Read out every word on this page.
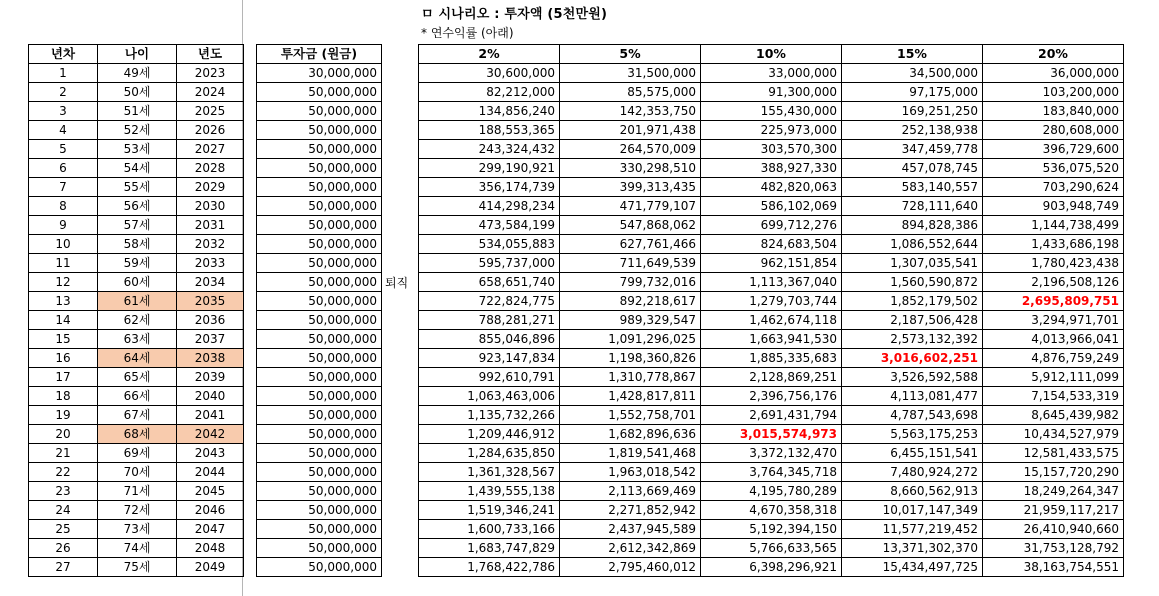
ㅁ 시나리오 : 투자액 (5천만원)
* 연수익률 (아래)
년차	나이	년도
1	49세	2023
2	50세	2024
3	51세	2025
4	52세	2026
5	53세	2027
6	54세	2028
7	55세	2029
8	56세	2030
9	57세	2031
10	58세	2032
11	59세	2033
12	60세	2034
13	61세	2035
14	62세	2036
15	63세	2037
16	64세	2038
17	65세	2039
18	66세	2040
19	67세	2041
20	68세	2042
21	69세	2043
22	70세	2044
23	71세	2045
24	72세	2046
25	73세	2047
26	74세	2048
27	75세	2049
투자금 (원금)
30,000,000
50,000,000
50,000,000
50,000,000
50,000,000
50,000,000
50,000,000
50,000,000
50,000,000
50,000,000
50,000,000
50,000,000
50,000,000
50,000,000
50,000,000
50,000,000
50,000,000
50,000,000
50,000,000
50,000,000
50,000,000
50,000,000
50,000,000
50,000,000
50,000,000
50,000,000
50,000,000
퇴직
2%	5%	10%	15%	20%
30,600,000	31,500,000	33,000,000	34,500,000	36,000,000
82,212,000	85,575,000	91,300,000	97,175,000	103,200,000
134,856,240	142,353,750	155,430,000	169,251,250	183,840,000
188,553,365	201,971,438	225,973,000	252,138,938	280,608,000
243,324,432	264,570,009	303,570,300	347,459,778	396,729,600
299,190,921	330,298,510	388,927,330	457,078,745	536,075,520
356,174,739	399,313,435	482,820,063	583,140,557	703,290,624
414,298,234	471,779,107	586,102,069	728,111,640	903,948,749
473,584,199	547,868,062	699,712,276	894,828,386	1,144,738,499
534,055,883	627,761,466	824,683,504	1,086,552,644	1,433,686,198
595,737,000	711,649,539	962,151,854	1,307,035,541	1,780,423,438
658,651,740	799,732,016	1,113,367,040	1,560,590,872	2,196,508,126
722,824,775	892,218,617	1,279,703,744	1,852,179,502	2,695,809,751
788,281,271	989,329,547	1,462,674,118	2,187,506,428	3,294,971,701
855,046,896	1,091,296,025	1,663,941,530	2,573,132,392	4,013,966,041
923,147,834	1,198,360,826	1,885,335,683	3,016,602,251	4,876,759,249
992,610,791	1,310,778,867	2,128,869,251	3,526,592,588	5,912,111,099
1,063,463,006	1,428,817,811	2,396,756,176	4,113,081,477	7,154,533,319
1,135,732,266	1,552,758,701	2,691,431,794	4,787,543,698	8,645,439,982
1,209,446,912	1,682,896,636	3,015,574,973	5,563,175,253	10,434,527,979
1,284,635,850	1,819,541,468	3,372,132,470	6,455,151,541	12,581,433,575
1,361,328,567	1,963,018,542	3,764,345,718	7,480,924,272	15,157,720,290
1,439,555,138	2,113,669,469	4,195,780,289	8,660,562,913	18,249,264,347
1,519,346,241	2,271,852,942	4,670,358,318	10,017,147,349	21,959,117,217
1,600,733,166	2,437,945,589	5,192,394,150	11,577,219,452	26,410,940,660
1,683,747,829	2,612,342,869	5,766,633,565	13,371,302,370	31,753,128,792
1,768,422,786	2,795,460,012	6,398,296,921	15,434,497,725	38,163,754,551
